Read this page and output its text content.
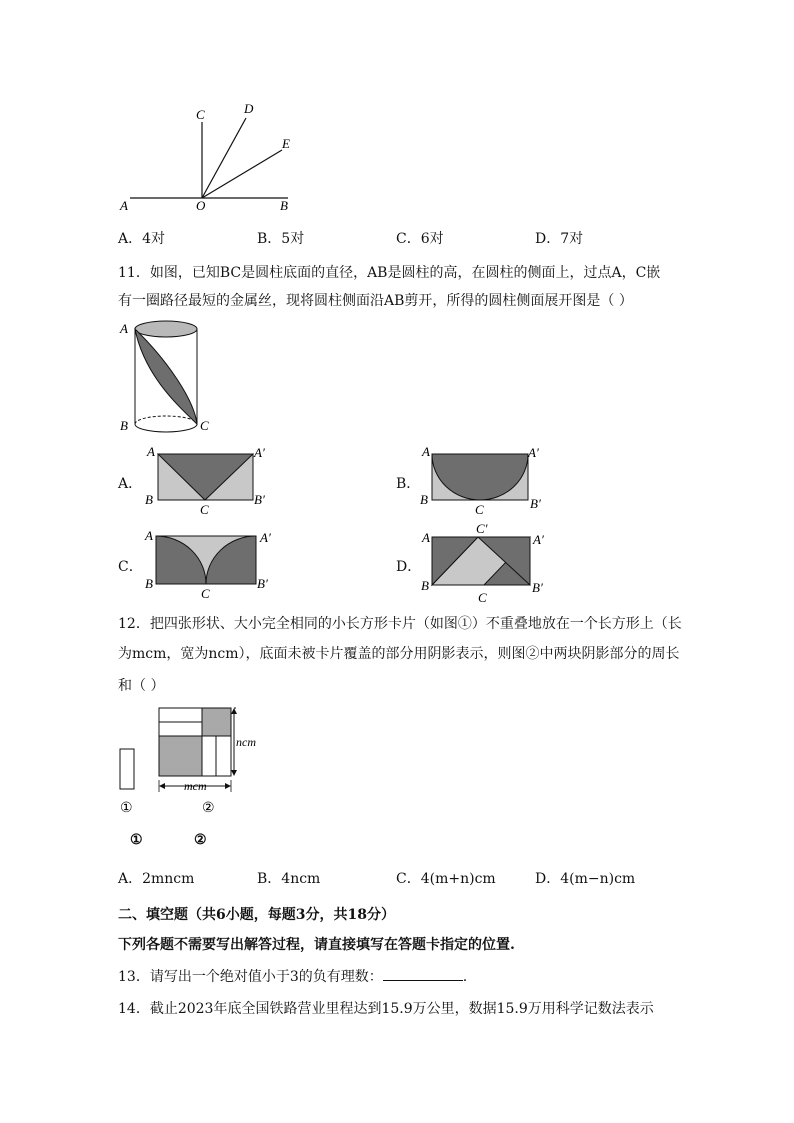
A	O	B
C	D
E
A．4对	B．5对	C．6对	D．7对
11．如图，已知BC是圆柱底面的直径，AB是圆柱的高，在圆柱的侧面上，过点A，C嵌
有一圈路径最短的金属丝，现将圆柱侧面沿AB剪开，所得的圆柱侧面展开图是（ ）
A
B	C
A．
A	A′
B	B′
C
B．
A	A′
B	B′
C
C．
A	A′
B	B′
C
D．
A
C′
A′
B	B′
C
12．把四张形状、大小完全相同的小长方形卡片（如图①）不重叠地放在一个长方形上（长
为mcm，宽为ncm），底面未被卡片覆盖的部分用阴影表示，则图②中两块阴影部分的周长
和（ ）
ncm
mcm
①	②
①	②
A．2mncm	B．4ncm	C．4(m+n)cm	D．4(m−n)cm
二、填空题（共6小题，每题3分，共18分）
下列各题不需要写出解答过程，请直接填写在答题卡指定的位置.
13．请写出一个绝对值小于3的负有理数：	.
14．截止2023年底全国铁路营业里程达到15.9万公里，数据15.9万用科学记数法表示
